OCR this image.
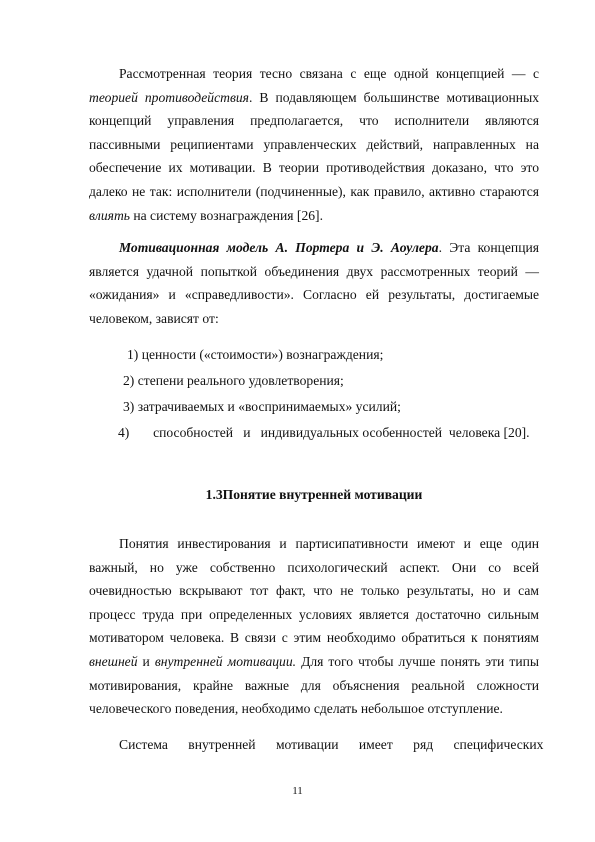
Рассмотренная теория тесно связана с еще одной концепцией — с теорией противодействия. В подавляющем большинстве мотивационных концепций управления предполагается, что исполнители являются пассивными реципиентами управленческих действий, направленных на обеспечение их мотивации. В теории противодействия доказано, что это далеко не так: исполнители (подчиненные), как правило, активно стараются влиять на систему вознаграждения [26].

Мотивационная модель А. Портера и Э. Аоулера. Эта концепция является удачной попыткой объединения двух рассмотренных теорий — «ожидания» и «справедливости». Согласно ей результаты, достигаемые человеком, зависят от:

1) ценности («стоимости») вознаграждения;

2) степени реального удовлетворения;

3) затрачиваемых и «воспринимаемых» усилий;

4)       способностей   и   индивидуальных особенностей  человека [20].

1.3Понятие внутренней мотивации

Понятия инвестирования и партисипативности имеют и еще один важный, но уже собственно психологический аспект. Они со всей очевидностью вскрывают тот факт, что не только результаты, но и сам процесс труда при определенных условиях является достаточно сильным мотиватором человека. В связи с этим необходимо обратиться к понятиям внешней и внутренней мотивации. Для того чтобы лучше понять эти типы мотивирования, крайне важные для объяснения реальной сложности человеческого поведения, необходимо сделать небольшое отступление.

Система      внутренней      мотивации      имеет      ряд      специфических

11
